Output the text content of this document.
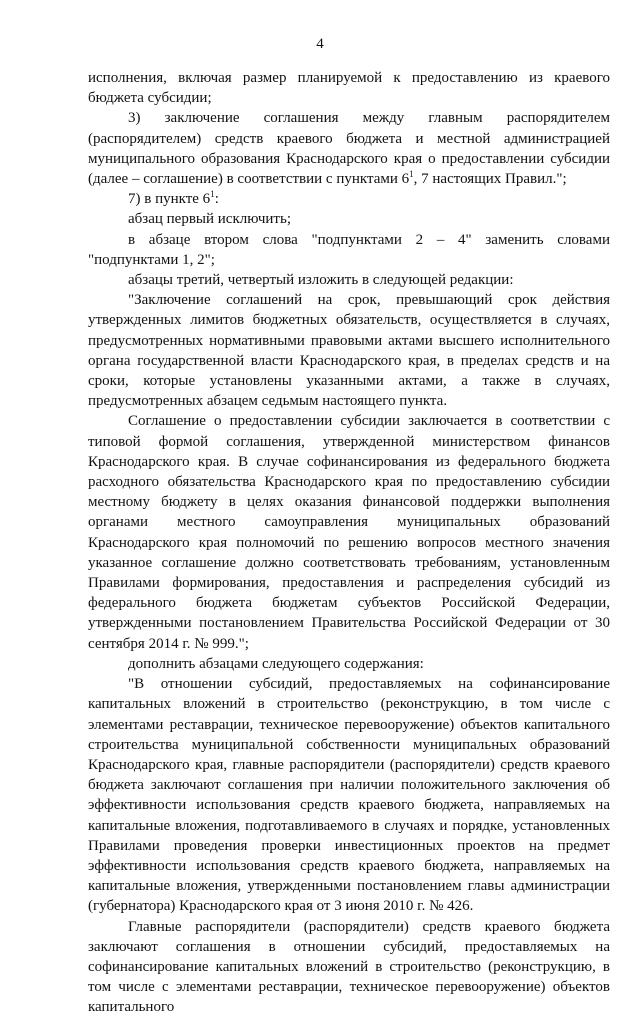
4

исполнения, включая размер планируемой к предоставлению из краевого бюджета субсидии;

3) заключение соглашения между главным распорядителем (распорядителем) средств краевого бюджета и местной администрацией муниципального образования Краснодарского края о предоставлении субсидии (далее – соглашение) в соответствии с пунктами $6^1$, 7 настоящих Правил.";

7) в пункте $6^1$:

абзац первый исключить;

в абзаце втором слова "подпунктами 2 – 4" заменить словами "подпунктами 1, 2";

абзацы третий, четвертый изложить в следующей редакции:

"Заключение соглашений на срок, превышающий срок действия утвержденных лимитов бюджетных обязательств, осуществляется в случаях, предусмотренных нормативными правовыми актами высшего исполнительного органа государственной власти Краснодарского края, в пределах средств и на сроки, которые установлены указанными актами, а также в случаях, предусмотренных абзацем седьмым настоящего пункта.

Соглашение о предоставлении субсидии заключается в соответствии с типовой формой соглашения, утвержденной министерством финансов Краснодарского края. В случае софинансирования из федерального бюджета расходного обязательства Краснодарского края по предоставлению субсидии местному бюджету в целях оказания финансовой поддержки выполнения органами местного самоуправления муниципальных образований Краснодарского края полномочий по решению вопросов местного значения указанное соглашение должно соответствовать требованиям, установленным Правилами формирования, предоставления и распределения субсидий из федерального бюджета бюджетам субъектов Российской Федерации, утвержденными постановлением Правительства Российской Федерации от 30 сентября 2014 г. № 999.";

дополнить абзацами следующего содержания:

"В отношении субсидий, предоставляемых на софинансирование капитальных вложений в строительство (реконструкцию, в том числе с элементами реставрации, техническое перевооружение) объектов капитального строительства муниципальной собственности муниципальных образований Краснодарского края, главные распорядители (распорядители) средств краевого бюджета заключают соглашения при наличии положительного заключения об эффективности использования средств краевого бюджета, направляемых на капитальные вложения, подготавливаемого в случаях и порядке, установленных Правилами проведения проверки инвестиционных проектов на предмет эффективности использования средств краевого бюджета, направляемых на капитальные вложения, утвержденными постановлением главы администрации (губернатора) Краснодарского края от 3 июня 2010 г. № 426.

Главные распорядители (распорядители) средств краевого бюджета заключают соглашения в отношении субсидий, предоставляемых на софинансирование капитальных вложений в строительство (реконструкцию, в том числе с элементами реставрации, техническое перевооружение) объектов капитального
